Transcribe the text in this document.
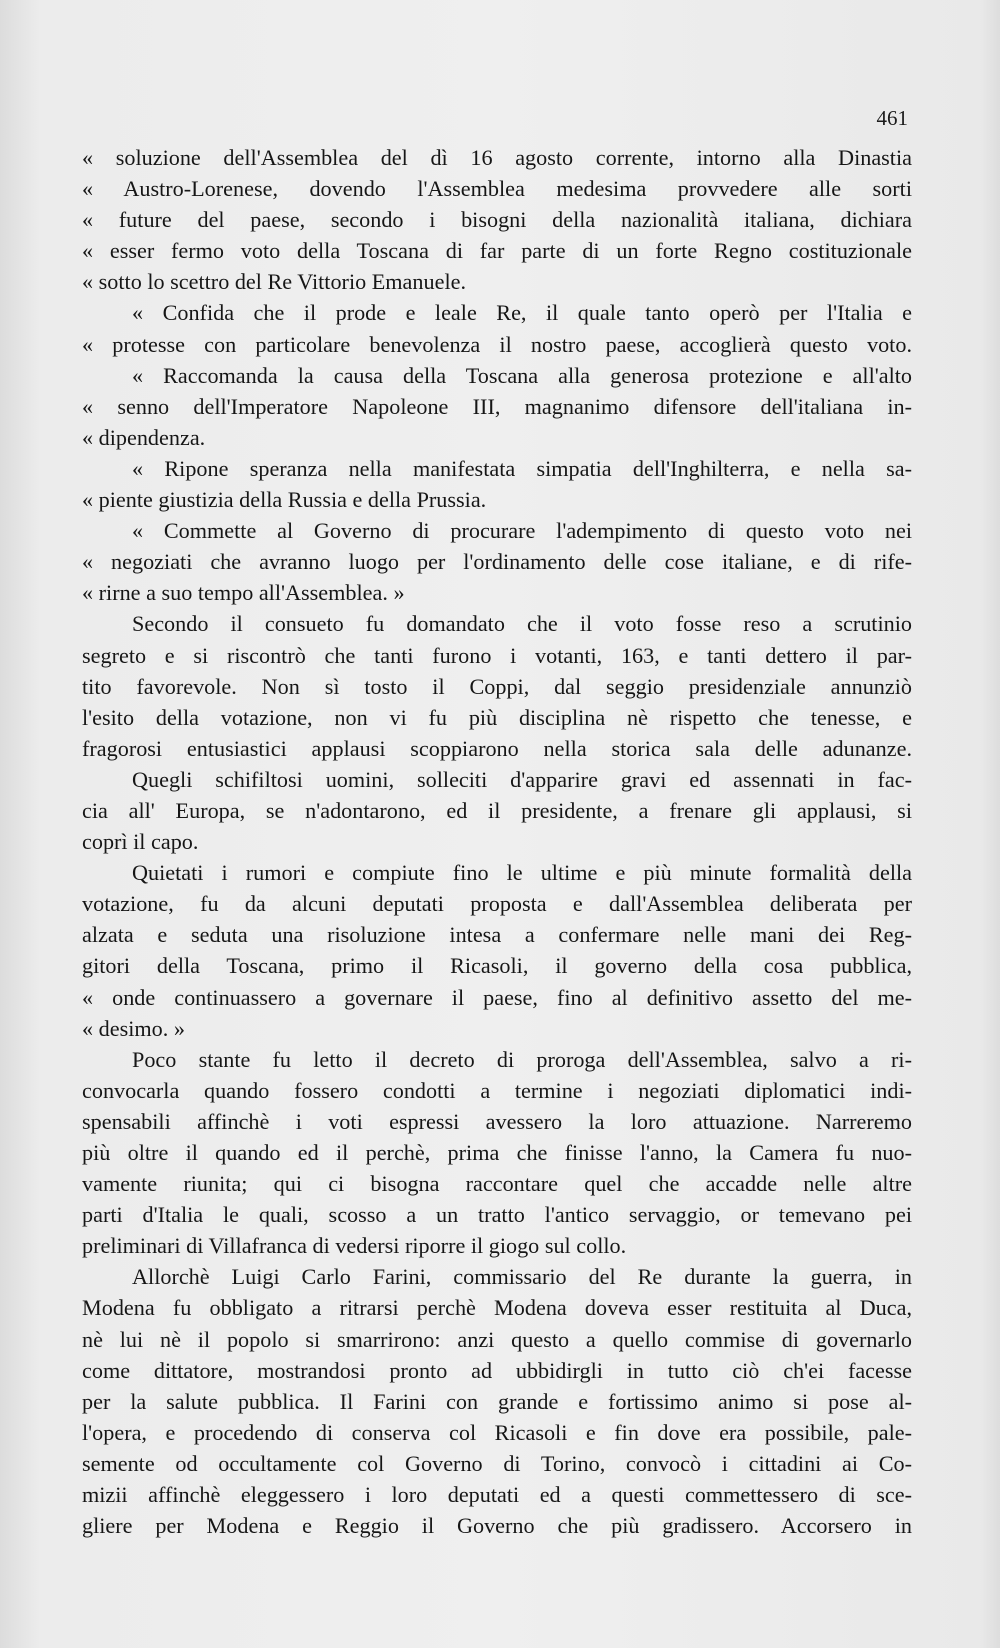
461
« soluzione dell'Assemblea del dì 16 agosto corrente, intorno alla Dinastia
« Austro-Lorenese, dovendo l'Assemblea medesima provvedere alle sorti
« future del paese, secondo i bisogni della nazionalità italiana, dichiara
« esser fermo voto della Toscana di far parte di un forte Regno costituzionale
« sotto lo scettro del Re Vittorio Emanuele.
« Confida che il prode e leale Re, il quale tanto operò per l'Italia e
« protesse con particolare benevolenza il nostro paese, accoglierà questo voto.
« Raccomanda la causa della Toscana alla generosa protezione e all'alto
« senno dell'Imperatore Napoleone III, magnanimo difensore dell'italiana in-
« dipendenza.
« Ripone speranza nella manifestata simpatia dell'Inghilterra, e nella sa-
« piente giustizia della Russia e della Prussia.
« Commette al Governo di procurare l'adempimento di questo voto nei
« negoziati che avranno luogo per l'ordinamento delle cose italiane, e di rife-
« rirne a suo tempo all'Assemblea. »
Secondo il consueto fu domandato che il voto fosse reso a scrutinio
segreto e si riscontrò che tanti furono i votanti, 163, e tanti dettero il par-
tito favorevole. Non sì tosto il Coppi, dal seggio presidenziale annunziò
l'esito della votazione, non vi fu più disciplina nè rispetto che tenesse, e
fragorosi entusiastici applausi scoppiarono nella storica sala delle adunanze.
Quegli schifiltosi uomini, solleciti d'apparire gravi ed assennati in fac-
cia all' Europa, se n'adontarono, ed il presidente, a frenare gli applausi, si
coprì il capo.
Quietati i rumori e compiute fino le ultime e più minute formalità della
votazione, fu da alcuni deputati proposta e dall'Assemblea deliberata per
alzata e seduta una risoluzione intesa a confermare nelle mani dei Reg-
gitori della Toscana, primo il Ricasoli, il governo della cosa pubblica,
« onde continuassero a governare il paese, fino al definitivo assetto del me-
« desimo. »
Poco stante fu letto il decreto di proroga dell'Assemblea, salvo a ri-
convocarla quando fossero condotti a termine i negoziati diplomatici indi-
spensabili affinchè i voti espressi avessero la loro attuazione. Narreremo
più oltre il quando ed il perchè, prima che finisse l'anno, la Camera fu nuo-
vamente riunita; qui ci bisogna raccontare quel che accadde nelle altre
parti d'Italia le quali, scosso a un tratto l'antico servaggio, or temevano pei
preliminari di Villafranca di vedersi riporre il giogo sul collo.
Allorchè Luigi Carlo Farini, commissario del Re durante la guerra, in
Modena fu obbligato a ritrarsi perchè Modena doveva esser restituita al Duca,
nè lui nè il popolo si smarrirono: anzi questo a quello commise di governarlo
come dittatore, mostrandosi pronto ad ubbidirgli in tutto ciò ch'ei facesse
per la salute pubblica. Il Farini con grande e fortissimo animo si pose al-
l'opera, e procedendo di conserva col Ricasoli e fin dove era possibile, pale-
semente od occultamente col Governo di Torino, convocò i cittadini ai Co-
mizii affinchè eleggessero i loro deputati ed a questi commettessero di sce-
gliere per Modena e Reggio il Governo che più gradissero. Accorsero in
